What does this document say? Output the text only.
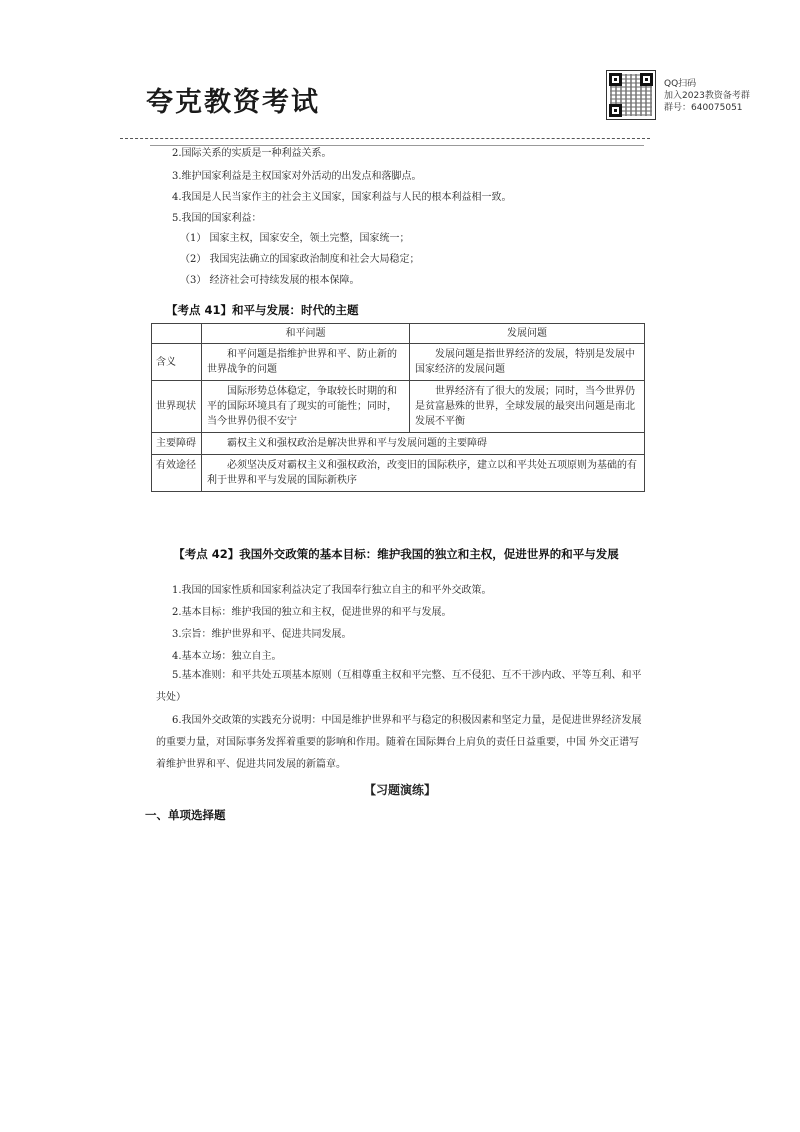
夸克教资考试
QQ扫码
加入2023教资备考群
群号：640075051
2.国际关系的实质是一种利益关系。
3.维护国家利益是主权国家对外活动的出发点和落脚点。
4.我国是人民当家作主的社会主义国家，国家利益与人民的根本利益相一致。
5.我国的国家利益：
（1） 国家主权，国家安全，领土完整，国家统一；
（2） 我国宪法确立的国家政治制度和社会大局稳定；
（3） 经济社会可持续发展的根本保障。
【考点 41】和平与发展：时代的主题
	和平问题	发展问题
含义	和平问题是指维护世界和平、防止新的世界战争的问题	发展问题是指世界经济的发展，特别是发展中国家经济的发展问题

世界现状	国际形势总体稳定，争取较长时期的和平的国际环境具有了现实的可能性；同时，当今世界仍很不安宁	世界经济有了很大的发展；同时，当今世界仍是贫富悬殊的世界，全球发展的最突出问题是南北发展不平衡

主要障碍	霸权主义和强权政治是解决世界和平与发展问题的主要障碍	

有效途径	必须坚决反对霸权主义和强权政治，改变旧的国际秩序，建立以和平共处五项原则为基础的有利于世界和平与发展的国际新秩序	
【考点 42】我国外交政策的基本目标：维护我国的独立和主权，促进世界的和平与发展
1.我国的国家性质和国家利益决定了我国奉行独立自主的和平外交政策。
2.基本目标：维护我国的独立和主权，促进世界的和平与发展。
3.宗旨：维护世界和平、促进共同发展。
4.基本立场：独立自主。
5.基本准则：和平共处五项基本原则（互相尊重主权和平完整、互不侵犯、互不干涉内政、平等互利、和平共处）
6.我国外交政策的实践充分说明：中国是维护世界和平与稳定的积极因素和坚定力量，是促进世界经济发展的重要力量，对国际事务发挥着重要的影响和作用。随着在国际舞台上肩负的责任日益重要，中国 外交正谱写着维护世界和平、促进共同发展的新篇章。
【习题演练】
一、单项选择题
